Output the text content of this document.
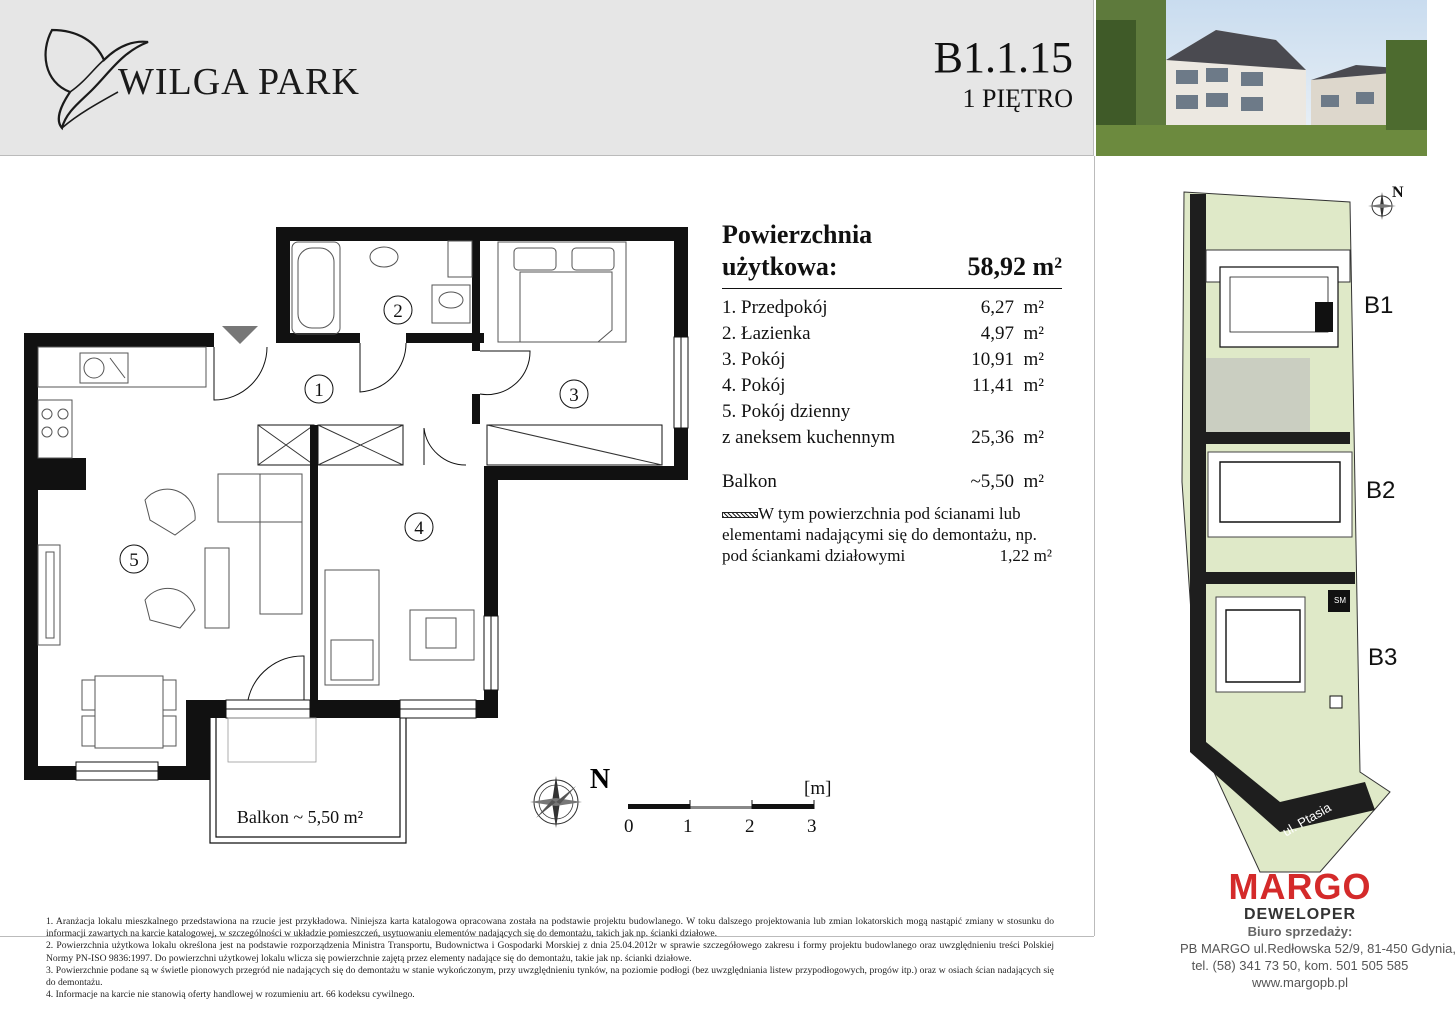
WILGA PARK	B1.1.15
1 PIĘTRO
1
2
3
4
5
Balkon ~ 5,50 m²
Powierzchnia
użytkowa:	58,92 m²
1. Przedpokój	6,27 m²
2. Łazienka	4,97 m²
3. Pokój	10,91 m²
4. Pokój	11,41 m²
5. Pokój dzienny
z aneksem kuchennym	25,36 m²
Balkon	~5,50 m²
W tym powierzchnia pod ścianami lub
elementami nadającymi się do demontażu, np.
pod ściankami działowymi	1,22 m²
N	[m]
0	1	2	3
B1
B2
B3
SM
ul. Ptasia
N
MARGO
DEWELOPER
Biuro sprzedaży:
PB MARGO ul.Redłowska 52/9, 81-450 Gdynia,
tel. (58) 341 73 50, kom. 501 505 585
www.margopb.pl

1. Aranżacja lokalu mieszkalnego przedstawiona na rzucie jest przykładowa. Niniejsza karta katalogowa opracowana została na podstawie projektu budowlanego. W toku dalszego projektowania lub zmian lokatorskich mogą nastąpić zmiany w stosunku do informacji zawartych na karcie katalogowej, w szczególności w układzie pomieszczeń, usytuowaniu elementów nadających się do demontażu, takich jak np. ścianki działowe.

2. Powierzchnia użytkowa lokalu określona jest na podstawie rozporządzenia Ministra Transportu, Budownictwa i Gospodarki Morskiej z dnia 25.04.2012r w sprawie szczegółowego zakresu i formy projektu budowlanego oraz uwzględnieniu treści Polskiej Normy PN-ISO 9836:1997. Do powierzchni użytkowej lokalu wlicza się powierzchnie zajętą przez elementy nadające się do demontażu, takie jak np. ścianki działowe.

3. Powierzchnie podane są w świetle pionowych przegród nie nadających się do demontażu w stanie wykończonym, przy uwzględnieniu tynków, na poziomie podłogi (bez uwzględniania listew przypodłogowych, progów itp.) oraz w osiach ścian nadających się do demontażu.

4. Informacje na karcie nie stanowią oferty handlowej w rozumieniu art. 66 kodeksu cywilnego.
